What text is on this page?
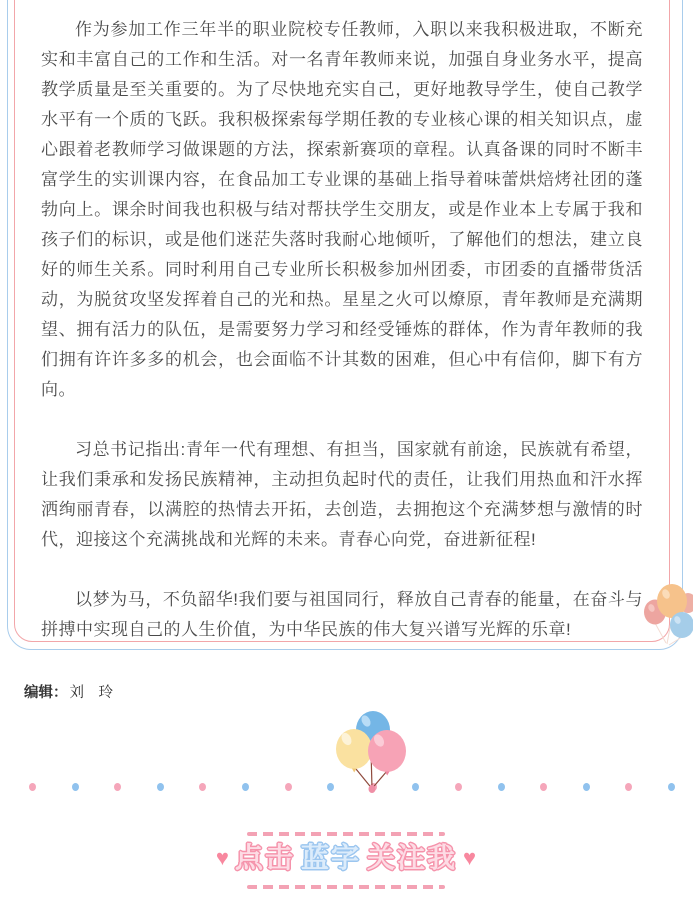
作为参加工作三年半的职业院校专任教师，入职以来我积极进取，不断充实和丰富自己的工作和生活。对一名青年教师来说，加强自身业务水平，提高教学质量是至关重要的。为了尽快地充实自己，更好地教导学生，使自己教学水平有一个质的飞跃。我积极探索每学期任教的专业核心课的相关知识点，虚心跟着老教师学习做课题的方法，探索新赛项的章程。认真备课的同时不断丰富学生的实训课内容，在食品加工专业课的基础上指导着味蕾烘焙烤社团的蓬勃向上。课余时间我也积极与结对帮扶学生交朋友，或是作业本上专属于我和孩子们的标识，或是他们迷茫失落时我耐心地倾听，了解他们的想法，建立良好的师生关系。同时利用自己专业所长积极参加州团委，市团委的直播带货活动，为脱贫攻坚发挥着自己的光和热。星星之火可以燎原，青年教师是充满期望、拥有活力的队伍，是需要努力学习和经受锤炼的群体，作为青年教师的我们拥有许许多多的机会，也会面临不计其数的困难，但心中有信仰，脚下有方向。

习总书记指出:青年一代有理想、有担当，国家就有前途，民族就有希望，让我们秉承和发扬民族精神，主动担负起时代的责任，让我们用热血和汗水挥洒绚丽青春，以满腔的热情去开拓，去创造，去拥抱这个充满梦想与激情的时代，迎接这个充满挑战和光辉的未来。青春心向党，奋进新征程!

以梦为马，不负韶华!我们要与祖国同行，释放自己青春的能量，在奋斗与拼搏中实现自己的人生价值，为中华民族的伟大复兴谱写光辉的乐章!

编辑： 刘　玲
♥ 点击 蓝字 关注我 ♥
